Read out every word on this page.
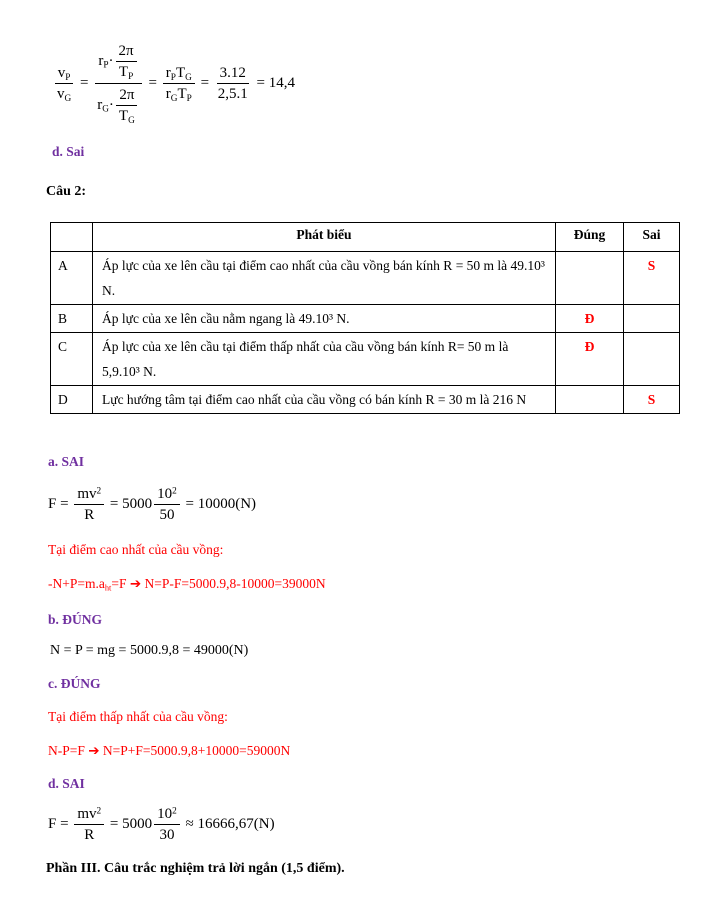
$\frac{v_P}{v_G} = \frac{r_P\cdot \frac{2\pi}{T_P}}{r_G\cdot \frac{2\pi}{T_G}} = \frac{r_PT_G}{r_GT_P} = \frac{3.12}{2,5.1} = 14,4$

d. Sai

Câu 2:

	Phát biểu	Đúng	Sai
A	Áp lực của xe lên cầu tại điểm cao nhất của cầu vồng bán kính R = 50 m là 49.10³ N.		S
B	Áp lực của xe lên cầu nằm ngang là 49.10³ N.	Đ	
C	Áp lực của xe lên cầu tại điểm thấp nhất của cầu vồng bán kính R= 50 m là 5,9.10³ N.	Đ	
D	Lực hướng tâm tại điểm cao nhất của cầu vồng có bán kính R = 30 m là 216 N		S

a. SAI

$F = \frac{mv^2}{R} = 5000 \frac{10^2}{50} = 10000(N)$

Tại điểm cao nhất của cầu vồng:

$-N+P=m.a_{ht}=F$ ➔ N=P-F=5000.9,8-10000=39000N

b. ĐÚNG

N = P = mg = 5000.9,8 = 49000(N)

c. ĐÚNG

Tại điểm thấp nhất của cầu vồng:

N-P=F ➔ N=P+F=5000.9,8+10000=59000N

d. SAI

$F = \frac{mv^2}{R} = 5000 \frac{10^2}{30} \approx 16666,67(N)$

Phần III. Câu trắc nghiệm trả lời ngắn (1,5 điểm).
